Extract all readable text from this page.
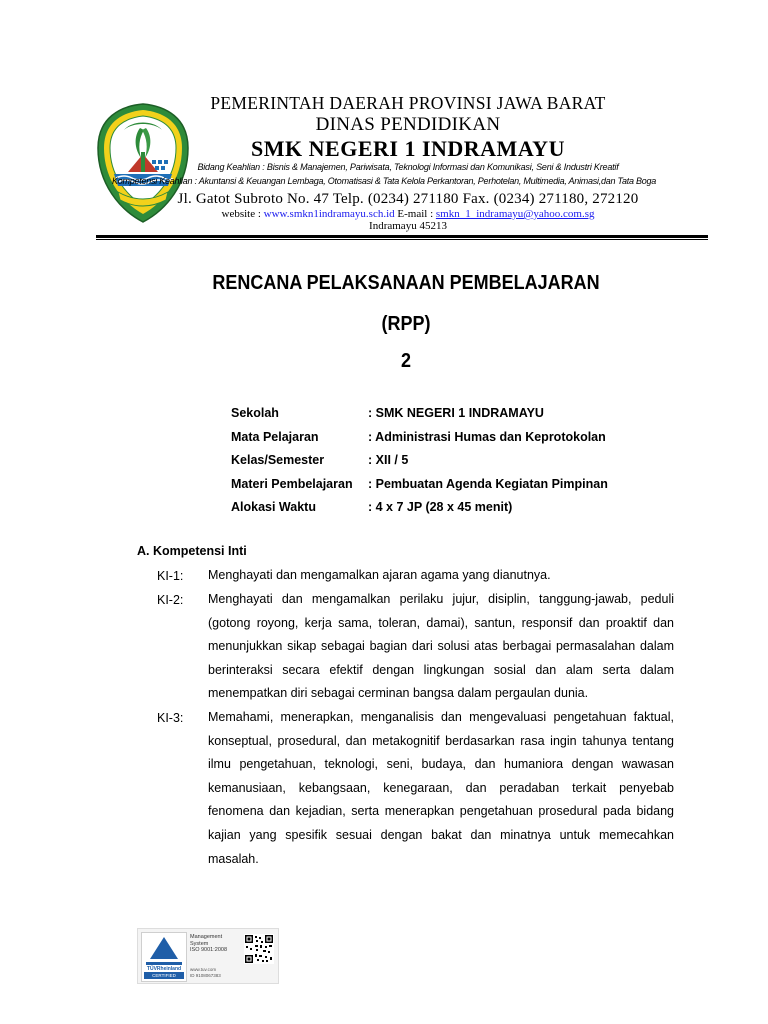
PEMERINTAH DAERAH PROVINSI JAWA BARAT
DINAS PENDIDIKAN
SMK NEGERI 1 INDRAMAYU
Bidang Keahlian : Bisnis & Manajemen, Pariwisata, Teknologi Informasi dan Komunikasi, Seni & Industri Kreatif
Kompetensi Keahlian : Akuntansi & Keuangan Lembaga, Otomatisasi & Tata Kelola Perkantoran, Perhotelan, Multimedia, Animasi,dan Tata Boga
Jl. Gatot Subroto No. 47 Telp. (0234) 271180 Fax. (0234) 271180, 272120
website : www.smkn1indramayu.sch.id E-mail : smkn_1_indramayu@yahoo.com.sg
Indramayu 45213
RENCANA PELAKSANAAN PEMBELAJARAN
(RPP)
2
Sekolah	: SMK NEGERI 1 INDRAMAYU
Mata Pelajaran	: Administrasi Humas dan Keprotokolan
Kelas/Semester	: XII / 5
Materi Pembelajaran : Pembuatan Agenda Kegiatan Pimpinan
Alokasi Waktu	: 4 x 7 JP (28 x 45 menit)
A. Kompetensi Inti
KI-1: Menghayati dan mengamalkan ajaran agama yang dianutnya.
KI-2: Menghayati dan mengamalkan perilaku jujur, disiplin, tanggung-jawab, peduli (gotong royong, kerja sama, toleran, damai), santun, responsif dan proaktif dan menunjukkan sikap sebagai bagian dari solusi atas berbagai permasalahan dalam berinteraksi secara efektif dengan lingkungan sosial dan alam serta dalam menempatkan diri sebagai cerminan bangsa dalam pergaulan dunia.
KI-3: Memahami, menerapkan, menganalisis dan mengevaluasi pengetahuan faktual, konseptual, prosedural, dan metakognitif berdasarkan rasa ingin tahunya tentang ilmu pengetahuan, teknologi, seni, budaya, dan humaniora dengan wawasan kemanusiaan, kebangsaan, kenegaraan, dan peradaban terkait penyebab fenomena dan kejadian, serta menerapkan pengetahuan prosedural pada bidang kajian yang spesifik sesuai dengan bakat dan minatnya untuk memecahkan masalah.
TÜVRheinland
CERTIFIED
Management
System
ISO 9001:2008
www.tuv.com
ID 9108067383
